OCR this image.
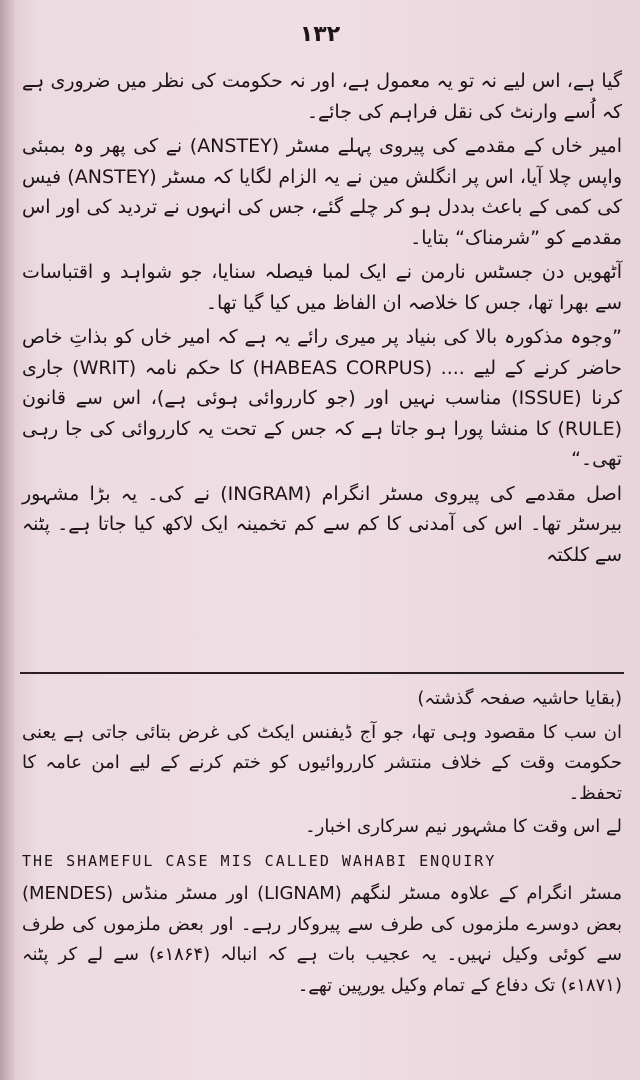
۱۳۲

گیا ہے، اس لیے نہ تو یہ معمول ہے، اور نہ حکومت کی نظر میں ضروری ہے کہ اُسے وارنٹ کی نقل فراہم کی جائے۔

امیر خاں کے مقدمے کی پیروی پہلے مسٹر (ANSTEY) نے کی پھر وہ بمبئی واپس چلا آیا، اس پر انگلش مین نے یہ الزام لگایا کہ مسٹر (ANSTEY) فیس کی کمی کے باعث بددل ہو کر چلے گئے، جس کی انہوں نے تردید کی اور اس مقدمے کو ”شرمناک“ بتایا۔

آٹھویں دن جسٹس نارمن نے ایک لمبا فیصلہ سنایا، جو شواہد و اقتباسات سے بھرا تھا، جس کا خلاصہ ان الفاظ میں کیا گیا تھا۔

”وجوہ مذکورہ بالا کی بنیاد پر میری رائے یہ ہے کہ امیر خاں کو بذاتِ خاص حاضر کرنے کے لیے .... (HABEAS CORPUS) کا حکم نامہ (WRIT) جاری کرنا (ISSUE) مناسب نہیں اور (جو کارروائی ہوئی ہے)، اس سے قانون (RULE) کا منشا پورا ہو جاتا ہے کہ جس کے تحت یہ کارروائی کی جا رہی تھی۔“

اصل مقدمے کی پیروی مسٹر انگرام (INGRAM) نے کی۔ یہ بڑا مشہور بیرسٹر تھا۔ اس کی آمدنی کا کم سے کم تخمینہ ایک لاکھ کیا جاتا ہے۔ پٹنہ سے کلکتہ

(بقایا حاشیہ صفحہ گذشتہ)

ان سب کا مقصود وہی تھا، جو آج ڈیفنس ایکٹ کی غرض بتائی جاتی ہے یعنی حکومت وقت کے خلاف منتشر کارروائیوں کو ختم کرنے کے لیے امن عامہ کا تحفظ۔

لے اس وقت کا مشہور نیم سرکاری اخبار۔

THE SHAMEFUL CASE MIS CALLED WAHABI ENQUIRY

مسٹر انگرام کے علاوہ مسٹر لنگھم (LIGNAM) اور مسٹر منڈس (MENDES) بعض دوسرے ملزموں کی طرف سے پیروکار رہے۔ اور بعض ملزموں کی طرف سے کوئی وکیل نہیں۔ یہ عجیب بات ہے کہ انبالہ (۱۸۶۴ء) سے لے کر پٹنہ (۱۸۷۱ء) تک دفاع کے تمام وکیل یورپین تھے۔
